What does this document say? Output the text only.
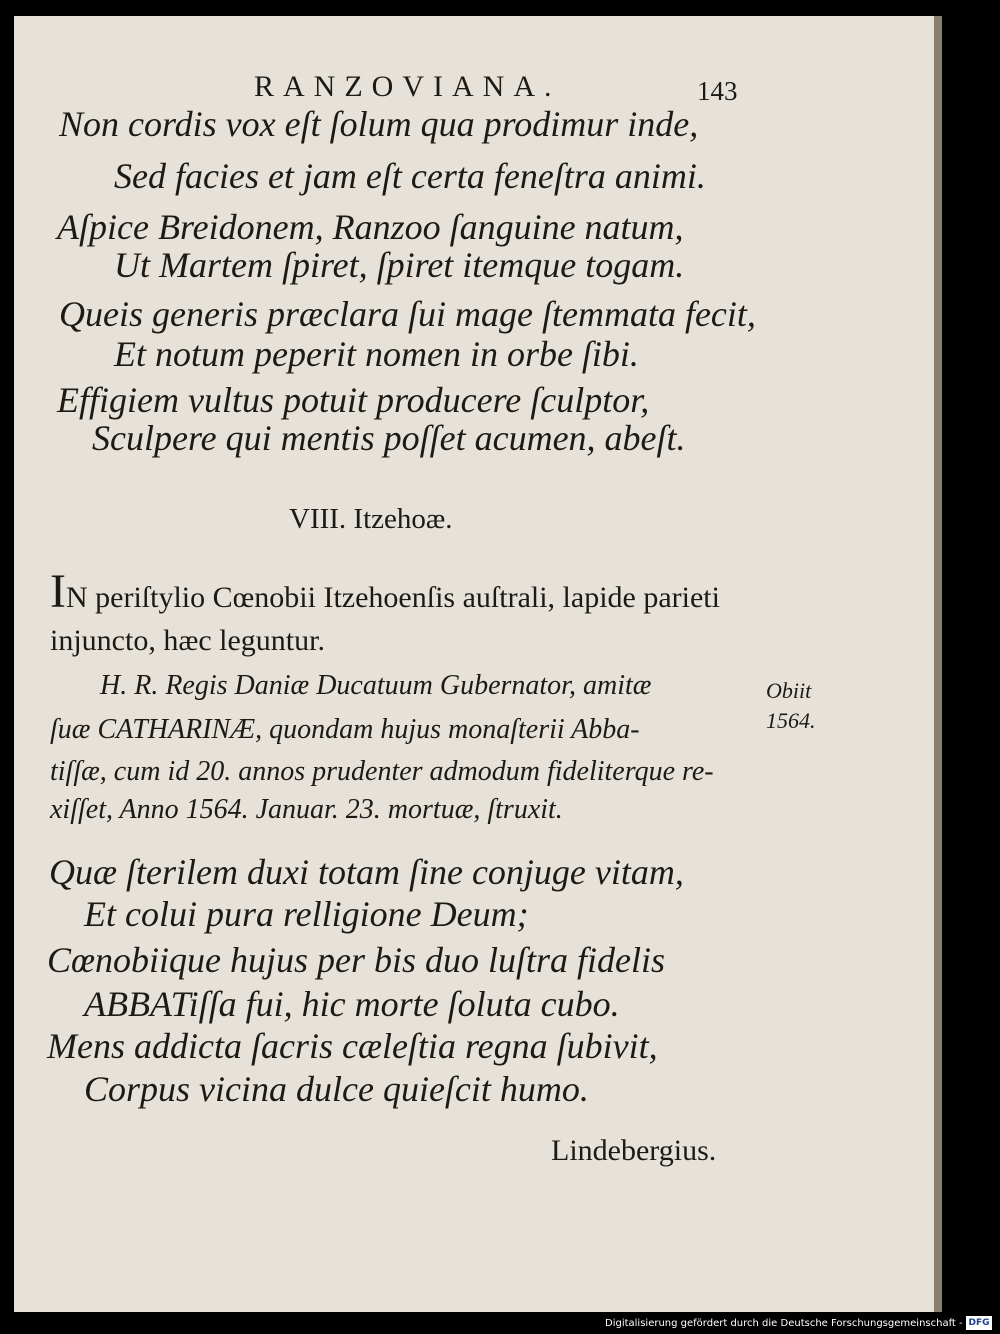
RANZOVIANA.	143
Non cordis vox eſt ſolum qua prodimur inde,
Sed facies et jam eſt certa feneſtra animi.
Aſpice Breidonem, Ranzoo ſanguine natum,
Ut Martem ſpiret, ſpiret itemque togam.
Queis generis præclara ſui mage ſtemmata fecit,
Et notum peperit nomen in orbe ſibi.
Effigiem vultus potuit producere ſculptor,
Sculpere qui mentis poſſet acumen, abeſt.
VIII. Itzehoæ.
IN periſtylio Cœnobii Itzehoenſis auſtrali, lapide parieti injuncto, hæc leguntur.
H. R. Regis Daniæ Ducatuum Gubernator, amitæ
ſuæ CATHARINÆ, quondam hujus monaſterii Abba-
tiſſæ, cum id 20. annos prudenter admodum fideliterque re-
xiſſet, Anno 1564. Januar. 23. mortuæ, ſtruxit.
Obiit
1564.
Quæ ſterilem duxi totam ſine conjuge vitam,
Et colui pura relligione Deum;
Cœnobiique hujus per bis duo luſtra fidelis
ABBATiſſa fui, hic morte ſoluta cubo.
Mens addicta ſacris cæleſtia regna ſubivit,
Corpus vicina dulce quieſcit humo.
Lindebergius.
Digitalisierung gefördert durch die Deutsche Forschungsgemeinschaft - DFG
